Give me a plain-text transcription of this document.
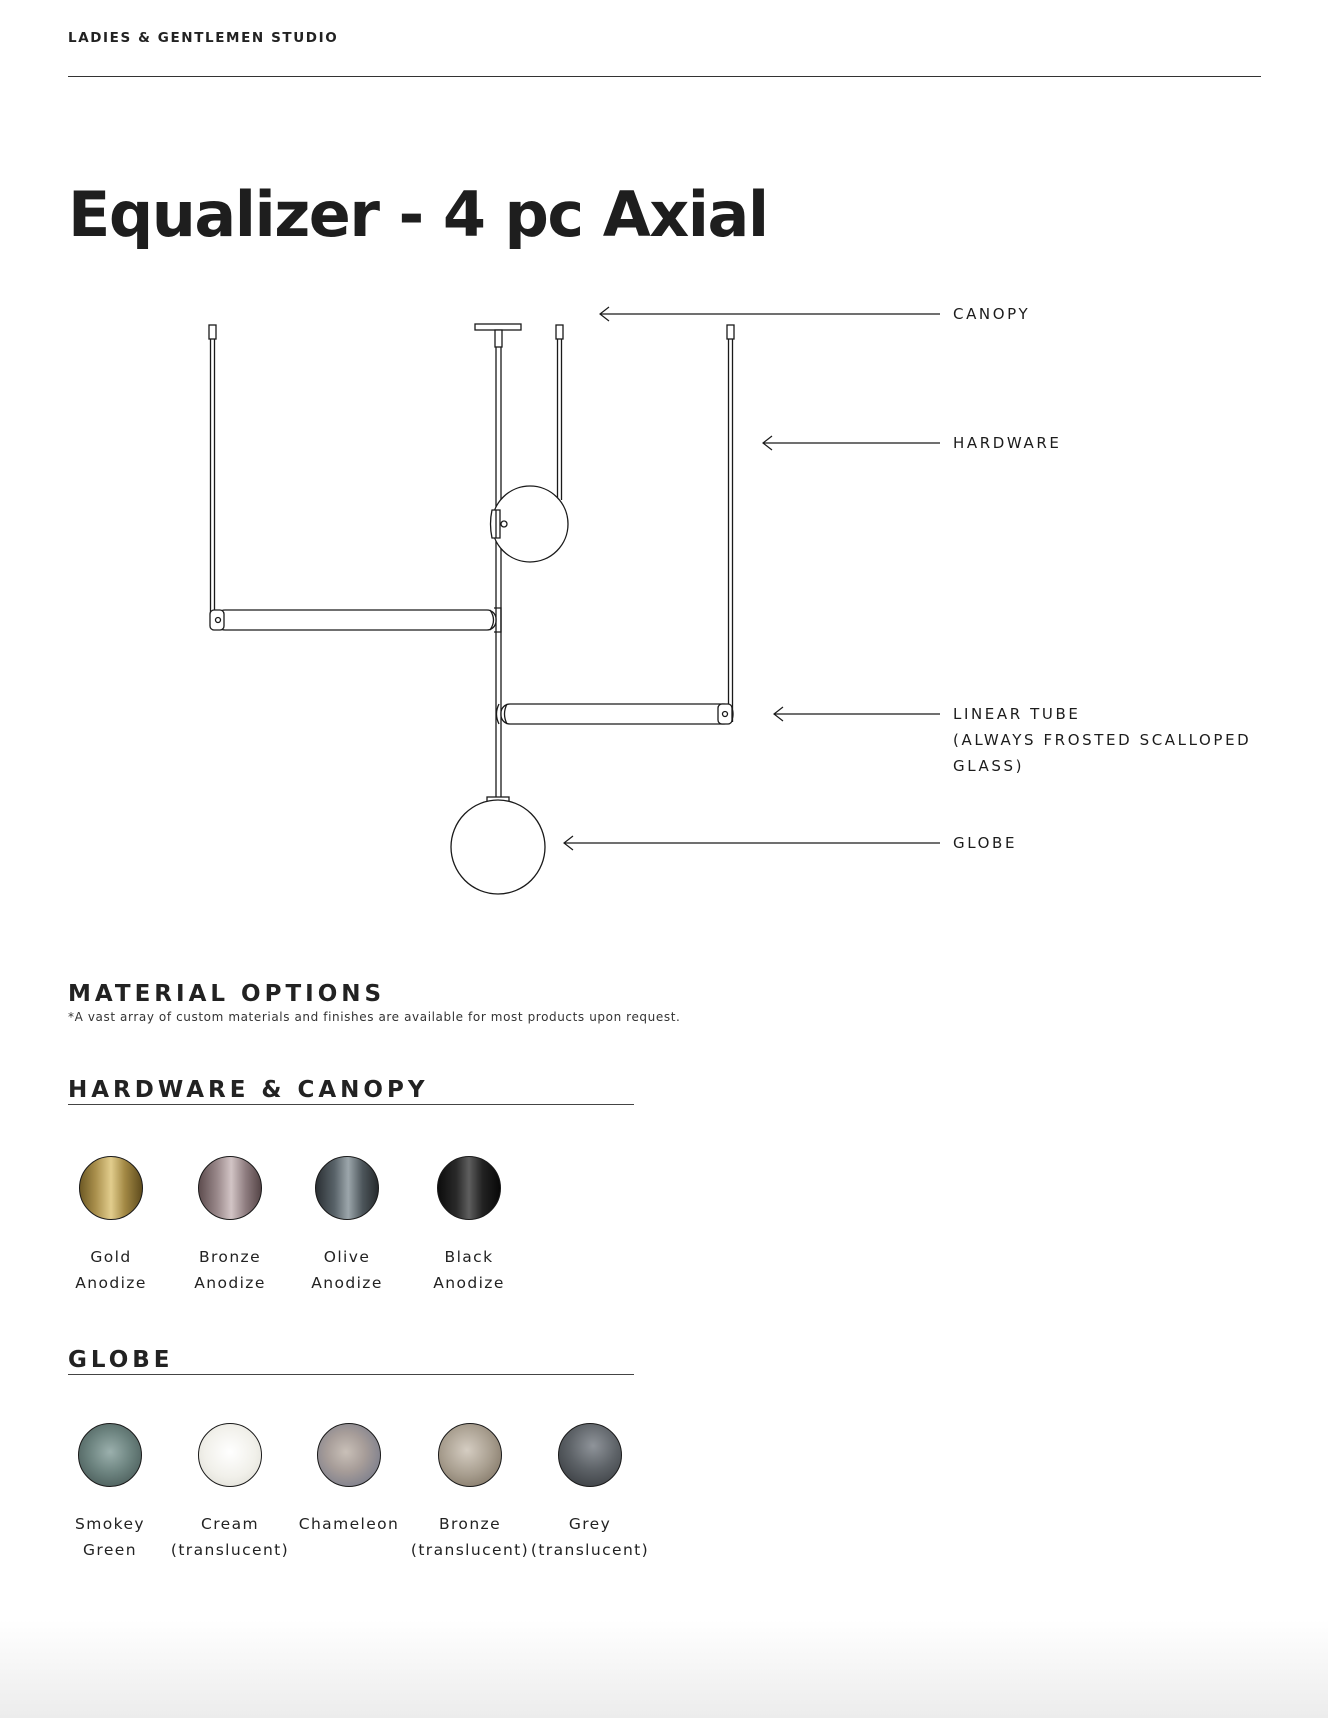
LADIES & GENTLEMEN STUDIO
Equalizer - 4 pc Axial
CANOPY
HARDWARE
LINEAR TUBE
(ALWAYS FROSTED SCALLOPED
GLASS)
GLOBE
MATERIAL OPTIONS
*A vast array of custom materials and finishes are available for most products upon request.
HARDWARE & CANOPY
Gold
Anodize
Bronze
Anodize
Olive
Anodize
Black
Anodize
GLOBE
Smokey
Green
Cream
(translucent)
Chameleon	Bronze
(translucent)
Grey
(translucent)
